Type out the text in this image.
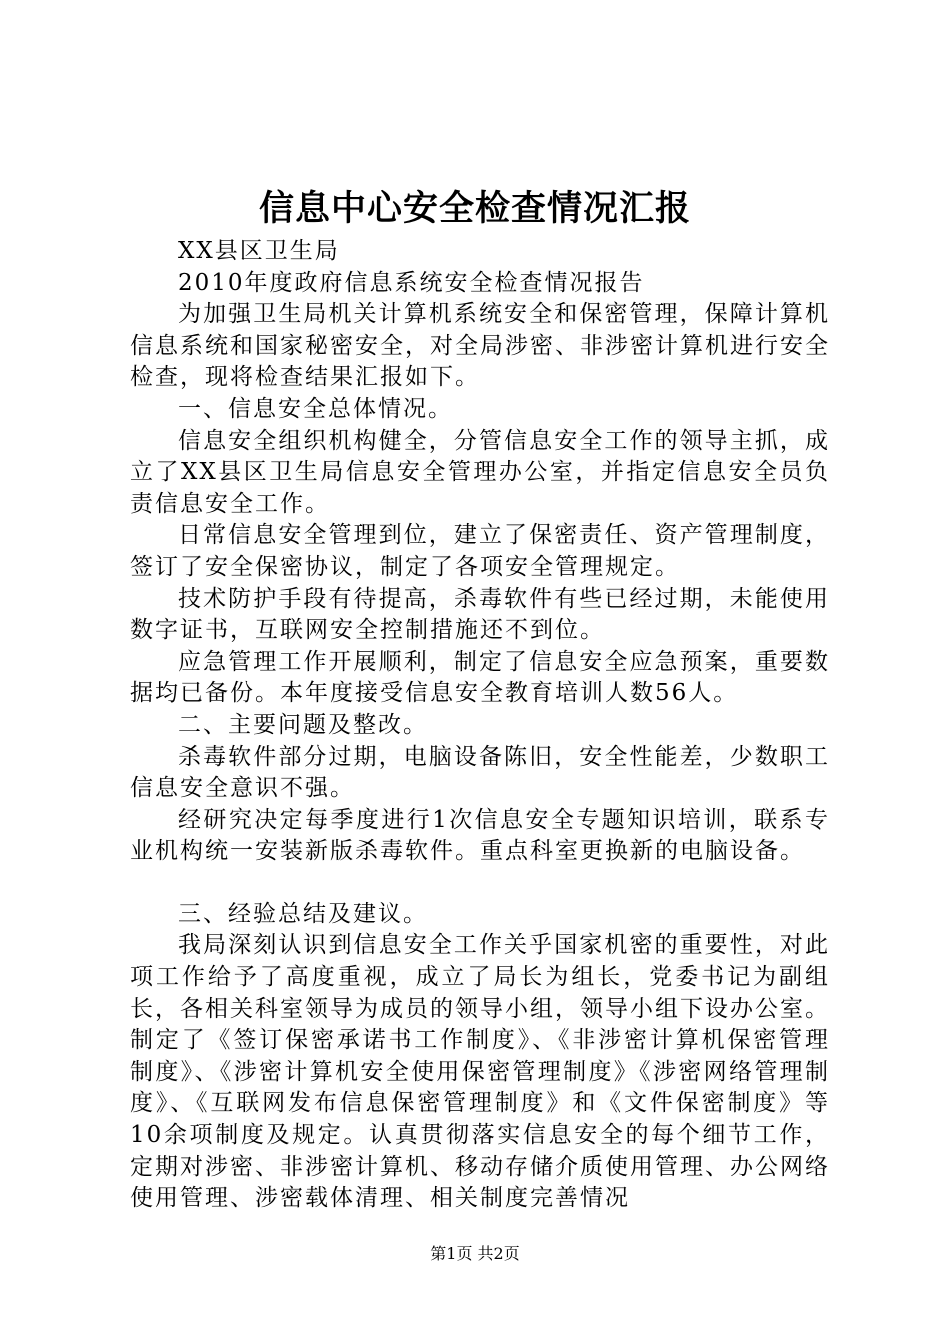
信息中心安全检查情况汇报

XX县区卫生局

2010年度政府信息系统安全检查情况报告

为加强卫生局机关计算机系统安全和保密管理，保障计算机信息系统和国家秘密安全，对全局涉密、非涉密计算机进行安全检查，现将检查结果汇报如下。

一、信息安全总体情况。

信息安全组织机构健全，分管信息安全工作的领导主抓，成立了XX县区卫生局信息安全管理办公室，并指定信息安全员负责信息安全工作。

日常信息安全管理到位，建立了保密责任、资产管理制度，签订了安全保密协议，制定了各项安全管理规定。

技术防护手段有待提高，杀毒软件有些已经过期，未能使用数字证书，互联网安全控制措施还不到位。

应急管理工作开展顺利，制定了信息安全应急预案，重要数据均已备份。本年度接受信息安全教育培训人数56人。

二、主要问题及整改。

杀毒软件部分过期，电脑设备陈旧，安全性能差，少数职工信息安全意识不强。

经研究决定每季度进行1次信息安全专题知识培训，联系专业机构统一安装新版杀毒软件。重点科室更换新的电脑设备。

三、经验总结及建议。

我局深刻认识到信息安全工作关乎国家机密的重要性，对此项工作给予了高度重视，成立了局长为组长，党委书记为副组长，各相关科室领导为成员的领导小组，领导小组下设办公室。制定了《签订保密承诺书工作制度》、《非涉密计算机保密管理制度》、《涉密计算机安全使用保密管理制度》《涉密网络管理制度》、《互联网发布信息保密管理制度》和《文件保密制度》等10余项制度及规定。认真贯彻落实信息安全的每个细节工作，定期对涉密、非涉密计算机、移动存储介质使用管理、办公网络使用管理、涉密载体清理、相关制度完善情况

第1页 共2页
